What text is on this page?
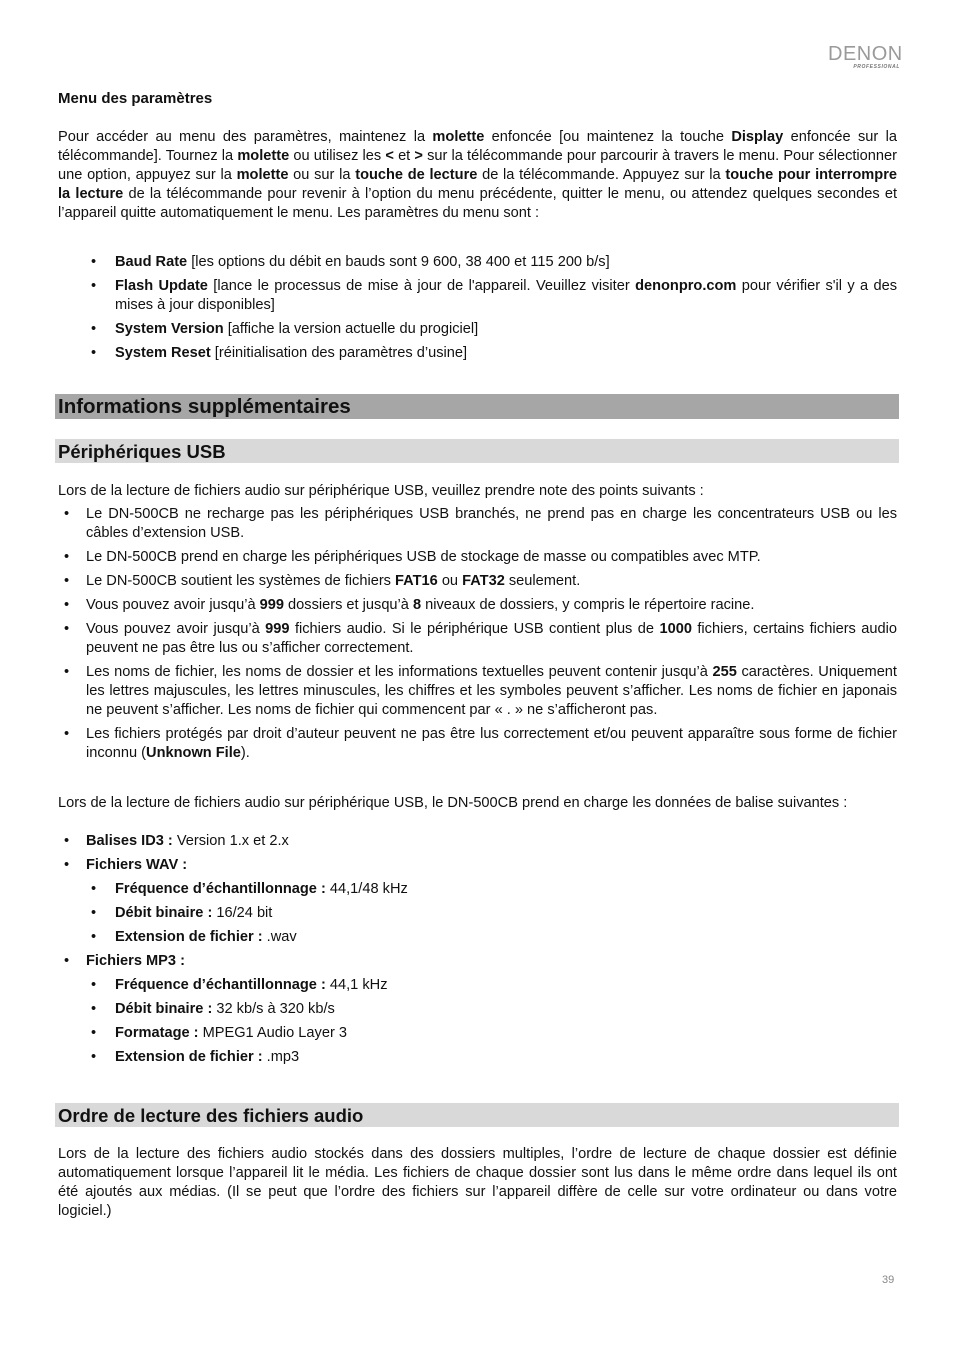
DENON
PROFESSIONAL
Menu des paramètres

Pour accéder au menu des paramètres, maintenez la molette enfoncée [ou maintenez la touche Display enfoncée sur la télécommande]. Tournez la molette ou utilisez les < et > sur la télécommande pour parcourir à travers le menu. Pour sélectionner une option, appuyez sur la molette ou sur la touche de lecture de la télécommande. Appuyez sur la touche pour interrompre la lecture de la télécommande pour revenir à l’option du menu précédente, quitter le menu, ou attendez quelques secondes et l’appareil quitte automatiquement le menu. Les paramètres du menu sont :

• Baud Rate [les options du débit en bauds sont 9 600, 38 400 et 115 200 b/s]
• Flash Update [lance le processus de mise à jour de l'appareil. Veuillez visiter denonpro.com pour vérifier s'il y a des mises à jour disponibles]
• System Version [affiche la version actuelle du progiciel]
• System Reset [réinitialisation des paramètres d’usine]
Informations supplémentaires
Périphériques USB

Lors de la lecture de fichiers audio sur périphérique USB, veuillez prendre note des points suivants :

• Le DN-500CB ne recharge pas les périphériques USB branchés, ne prend pas en charge les concentrateurs USB ou les câbles d’extension USB.
• Le DN-500CB prend en charge les périphériques USB de stockage de masse ou compatibles avec MTP.
• Le DN-500CB soutient les systèmes de fichiers FAT16 ou FAT32 seulement.
• Vous pouvez avoir jusqu’à 999 dossiers et jusqu’à 8 niveaux de dossiers, y compris le répertoire racine.
• Vous pouvez avoir jusqu’à 999 fichiers audio. Si le périphérique USB contient plus de 1000 fichiers, certains fichiers audio peuvent ne pas être lus ou s’afficher correctement.
• Les noms de fichier, les noms de dossier et les informations textuelles peuvent contenir jusqu’à 255 caractères. Uniquement les lettres majuscules, les lettres minuscules, les chiffres et les symboles peuvent s’afficher. Les noms de fichier en japonais ne peuvent s’afficher. Les noms de fichier qui commencent par « . » ne s’afficheront pas.
• Les fichiers protégés par droit d’auteur peuvent ne pas être lus correctement et/ou peuvent apparaître sous forme de fichier inconnu (Unknown File).

Lors de la lecture de fichiers audio sur périphérique USB, le DN-500CB prend en charge les données de balise suivantes :

• Balises ID3 : Version 1.x et 2.x
• Fichiers WAV :
• Fréquence d’échantillonnage : 44,1/48 kHz
• Débit binaire : 16/24 bit
• Extension de fichier : .wav
• Fichiers MP3 :
• Fréquence d’échantillonnage : 44,1 kHz
• Débit binaire : 32 kb/s à 320 kb/s
• Formatage : MPEG1 Audio Layer 3
• Extension de fichier : .mp3
Ordre de lecture des fichiers audio

Lors de la lecture des fichiers audio stockés dans des dossiers multiples, l’ordre de lecture de chaque dossier est définie automatiquement lorsque l’appareil lit le média. Les fichiers de chaque dossier sont lus dans le même ordre dans lequel ils ont été ajoutés aux médias. (Il se peut que l’ordre des fichiers sur l’appareil diffère de celle sur votre ordinateur ou dans votre logiciel.)

39
